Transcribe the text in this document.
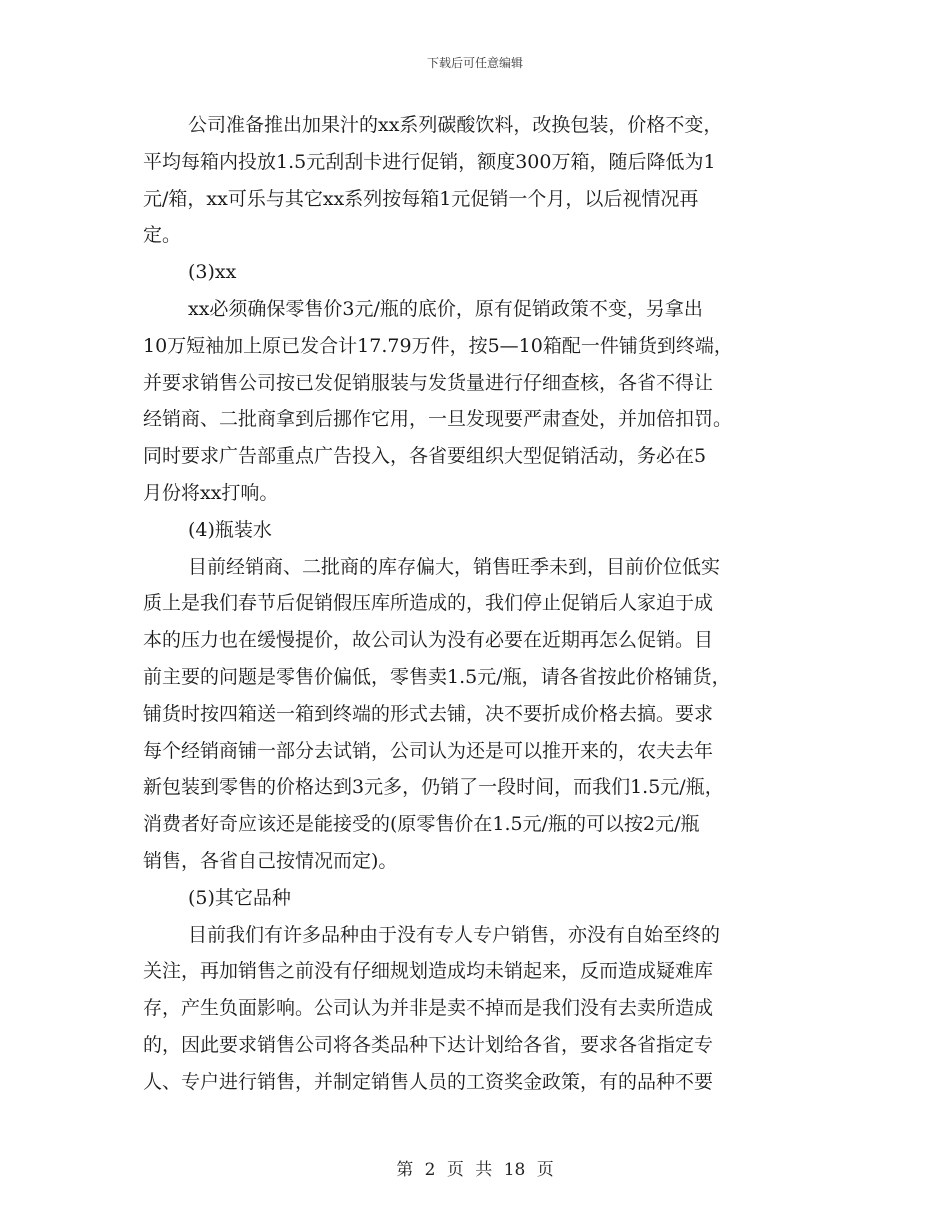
下载后可任意编辑
公司准备推出加果汁的xx系列碳酸饮料，改换包装，价格不变，
平均每箱内投放1.5元刮刮卡进行促销，额度300万箱，随后降低为1
元/箱，xx可乐与其它xx系列按每箱1元促销一个月，以后视情况再
定。
(3)xx
xx必须确保零售价3元/瓶的底价，原有促销政策不变，另拿出
10万短袖加上原已发合计17.79万件，按5—10箱配一件铺货到终端，
并要求销售公司按已发促销服装与发货量进行仔细查核，各省不得让
经销商、二批商拿到后挪作它用，一旦发现要严肃查处，并加倍扣罚。
同时要求广告部重点广告投入，各省要组织大型促销活动，务必在5
月份将xx打响。
(4)瓶装水
目前经销商、二批商的库存偏大，销售旺季未到，目前价位低实
质上是我们春节后促销假压库所造成的，我们停止促销后人家迫于成
本的压力也在缓慢提价，故公司认为没有必要在近期再怎么促销。目
前主要的问题是零售价偏低，零售卖1.5元/瓶，请各省按此价格铺货，
铺货时按四箱送一箱到终端的形式去铺，决不要折成价格去搞。要求
每个经销商铺一部分去试销，公司认为还是可以推开来的，农夫去年
新包装到零售的价格达到3元多，仍销了一段时间，而我们1.5元/瓶，
消费者好奇应该还是能接受的(原零售价在1.5元/瓶的可以按2元/瓶
销售，各省自己按情况而定)。
(5)其它品种
目前我们有许多品种由于没有专人专户销售，亦没有自始至终的
关注，再加销售之前没有仔细规划造成均未销起来，反而造成疑难库
存，产生负面影响。公司认为并非是卖不掉而是我们没有去卖所造成
的，因此要求销售公司将各类品种下达计划给各省，要求各省指定专
人、专户进行销售，并制定销售人员的工资奖金政策，有的品种不要
第 2 页 共 18 页
